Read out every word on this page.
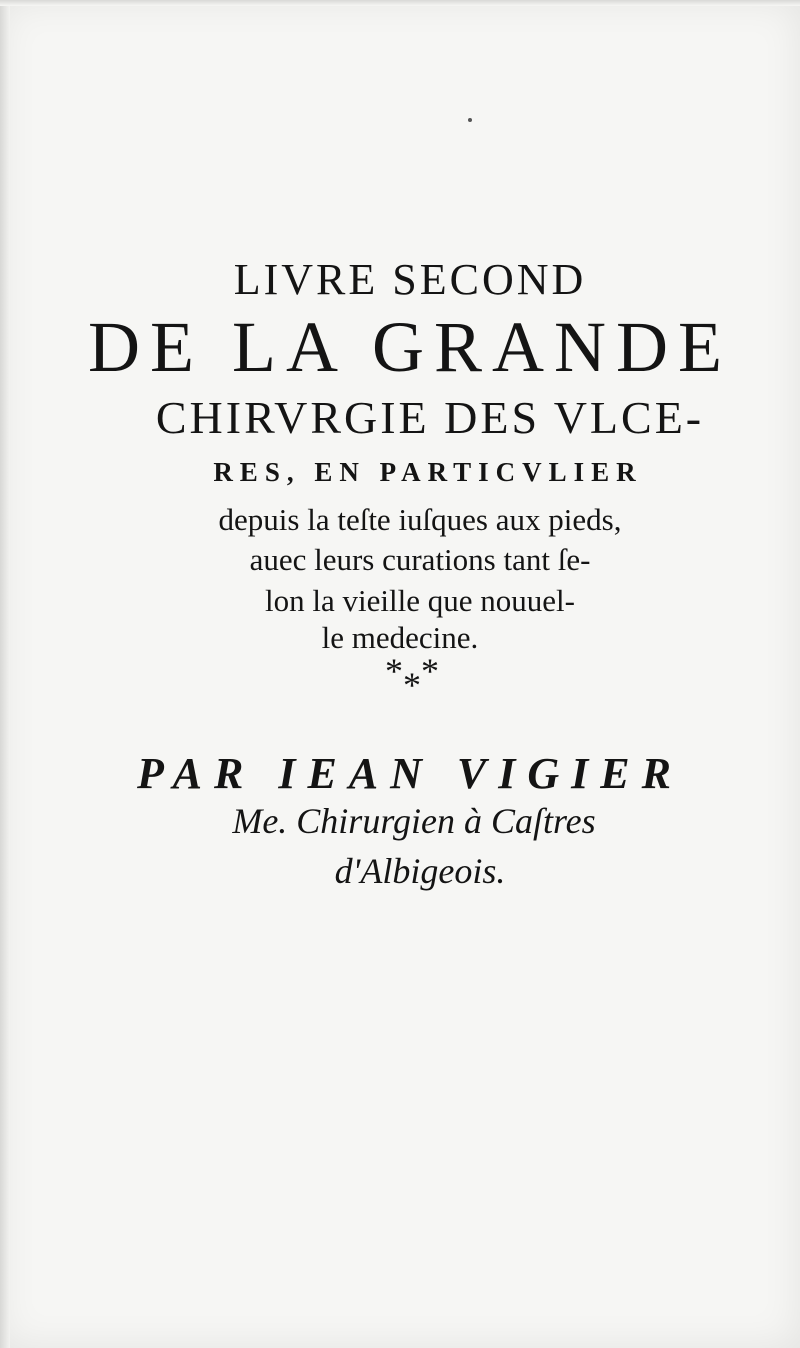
LIVRE SECOND
DE LA GRANDE
CHIRVRGIE DES VLCE-
RES, EN PARTICVLIER
depuis la teſte iuſques aux pieds,
auec leurs curations tant ſe-
lon la vieille que nouuel-
le medecine.
***
PAR IEAN VIGIER
Me. Chirurgien à Caſtres
d'Albigeois.
